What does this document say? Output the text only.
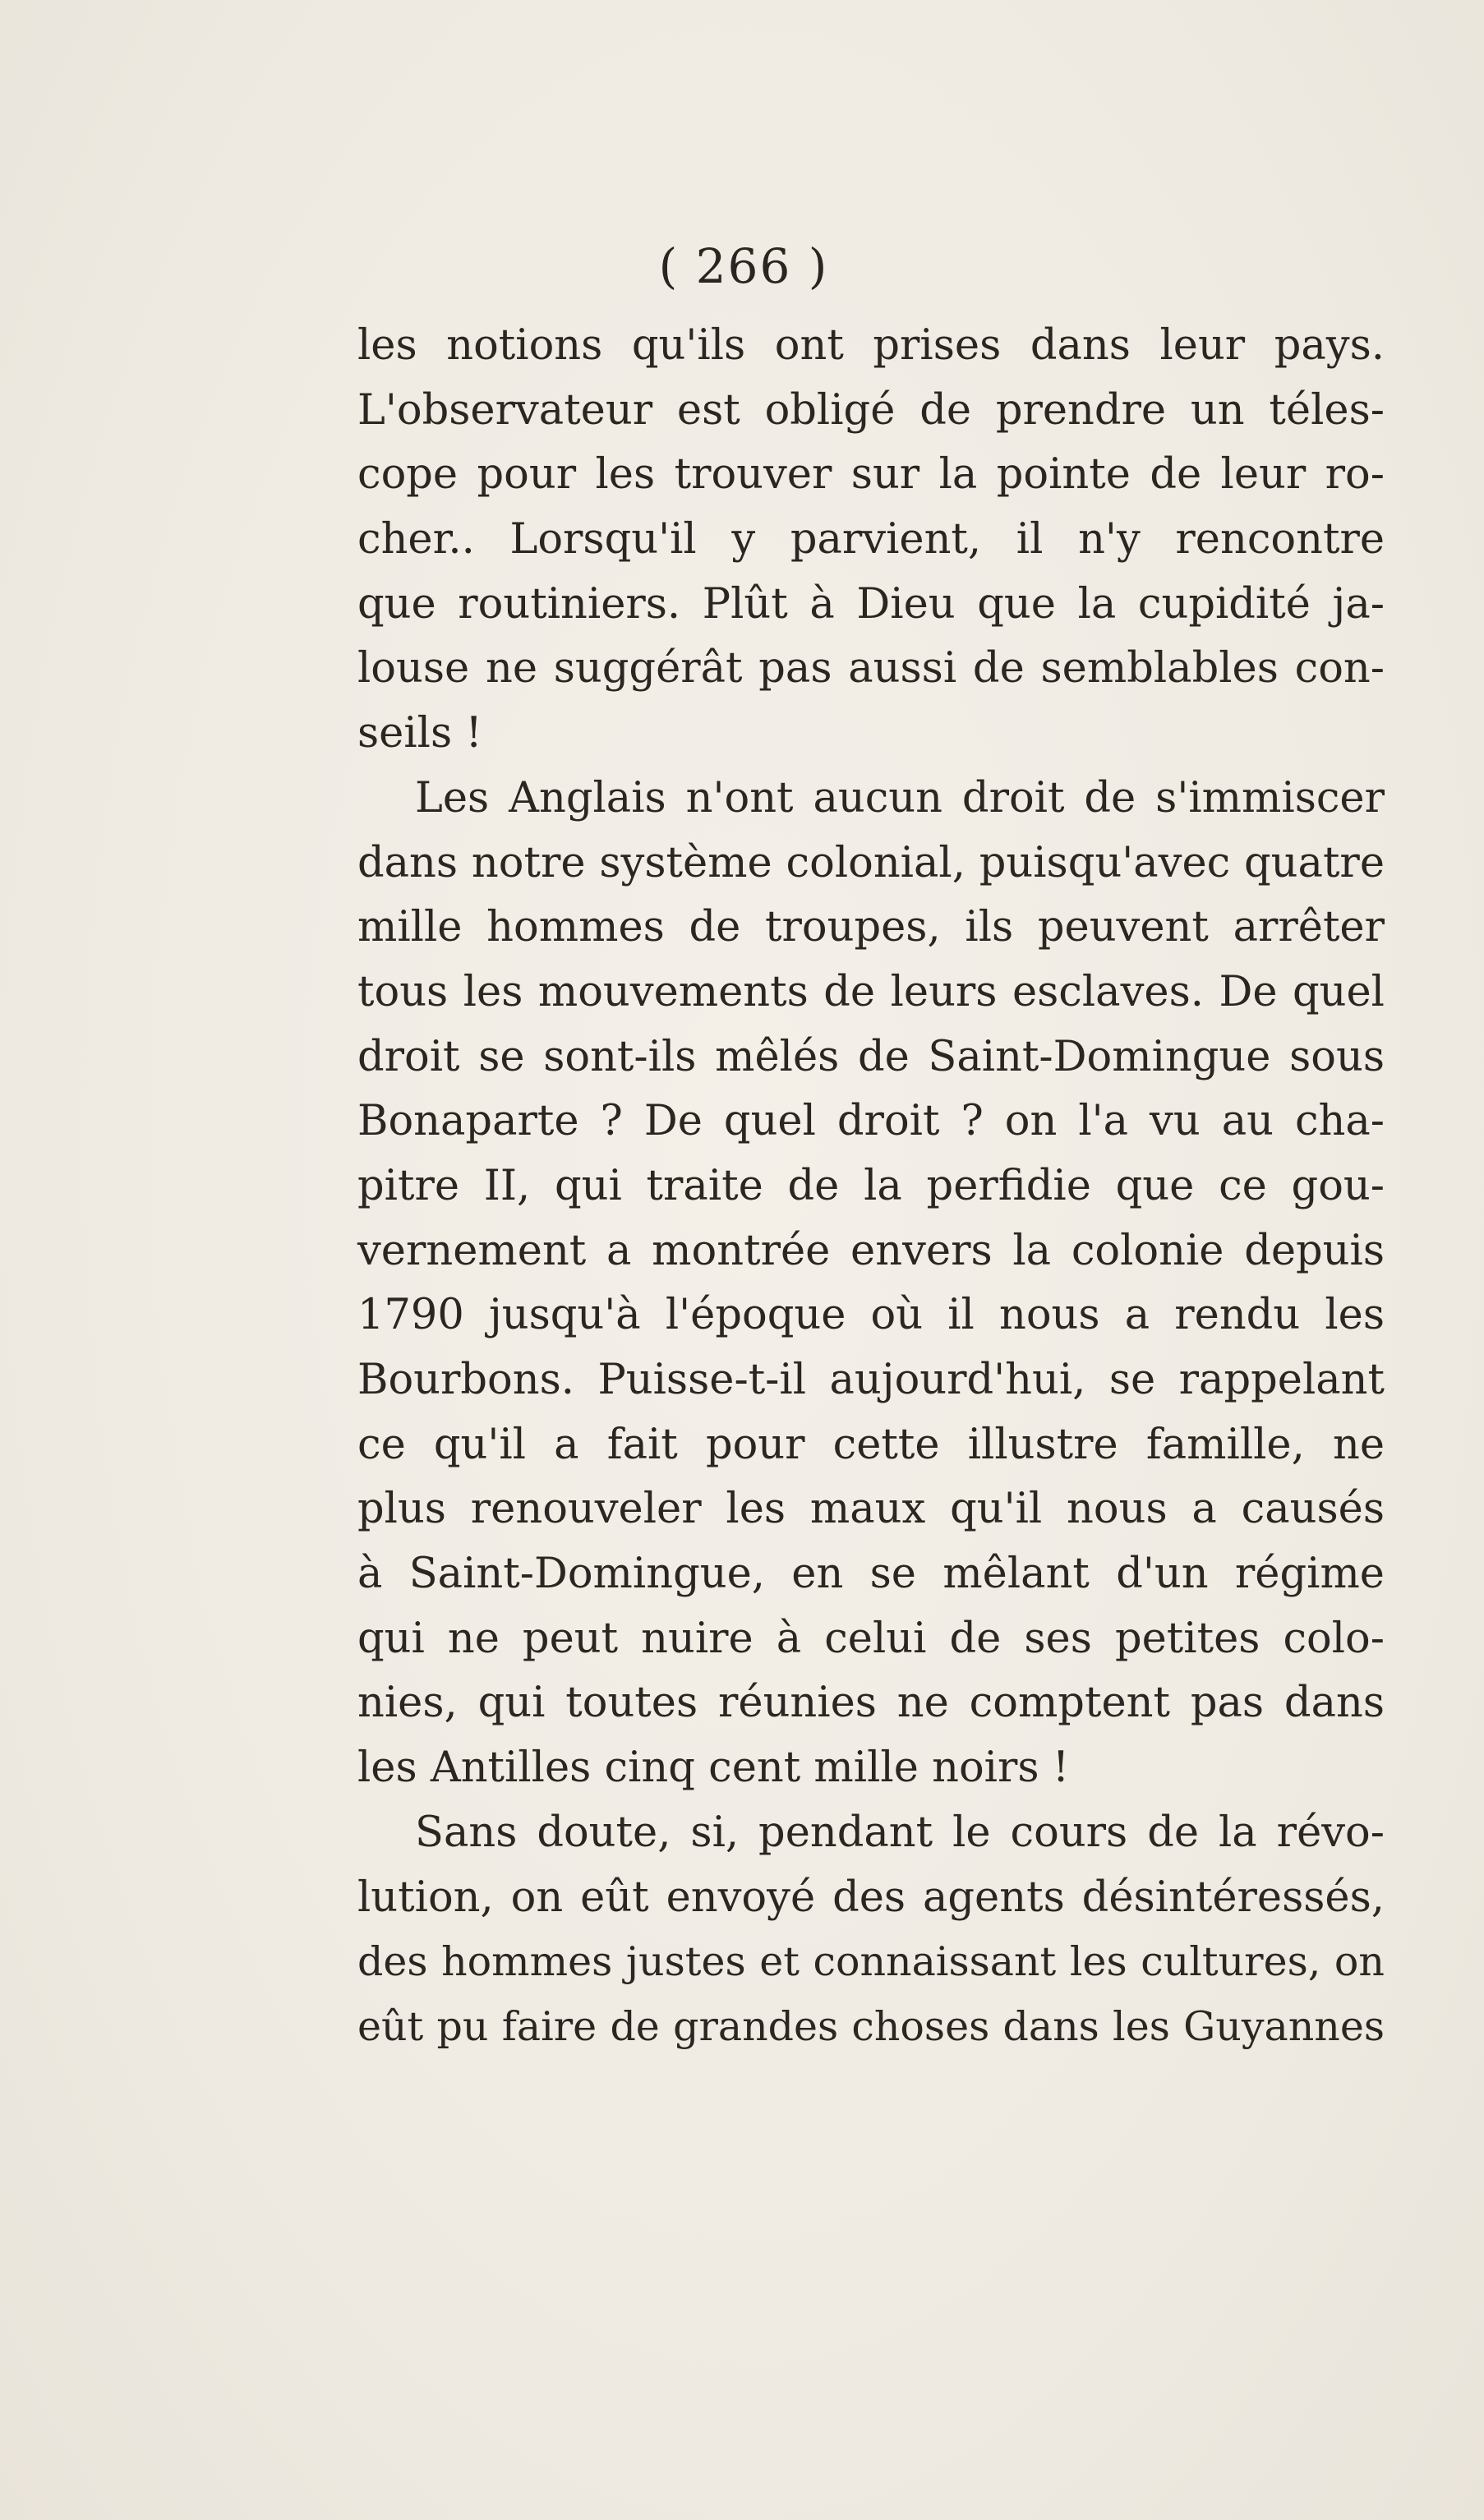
( 266 )
les notions qu'ils ont prises dans leur pays.
L'observateur est obligé de prendre un téles-
cope pour les trouver sur la pointe de leur ro-
cher.. Lorsqu'il y parvient, il n'y rencontre
que routiniers. Plût à Dieu que la cupidité ja-
louse ne suggérât pas aussi de semblables con-
seils !
Les Anglais n'ont aucun droit de s'immiscer
dans notre système colonial, puisqu'avec quatre
mille hommes de troupes, ils peuvent arrêter
tous les mouvements de leurs esclaves. De quel
droit se sont-ils mêlés de Saint-Domingue sous
Bonaparte ? De quel droit ? on l'a vu au cha-
pitre II, qui traite de la perfidie que ce gou-
vernement a montrée envers la colonie depuis
1790 jusqu'à l'époque où il nous a rendu les
Bourbons. Puisse-t-il aujourd'hui, se rappelant
ce qu'il a fait pour cette illustre famille, ne
plus renouveler les maux qu'il nous a causés
à Saint-Domingue, en se mêlant d'un régime
qui ne peut nuire à celui de ses petites colo-
nies, qui toutes réunies ne comptent pas dans
les Antilles cinq cent mille noirs !
Sans doute, si, pendant le cours de la révo-
lution, on eût envoyé des agents désintéressés,
des hommes justes et connaissant les cultures, on
eût pu faire de grandes choses dans les Guyannes
